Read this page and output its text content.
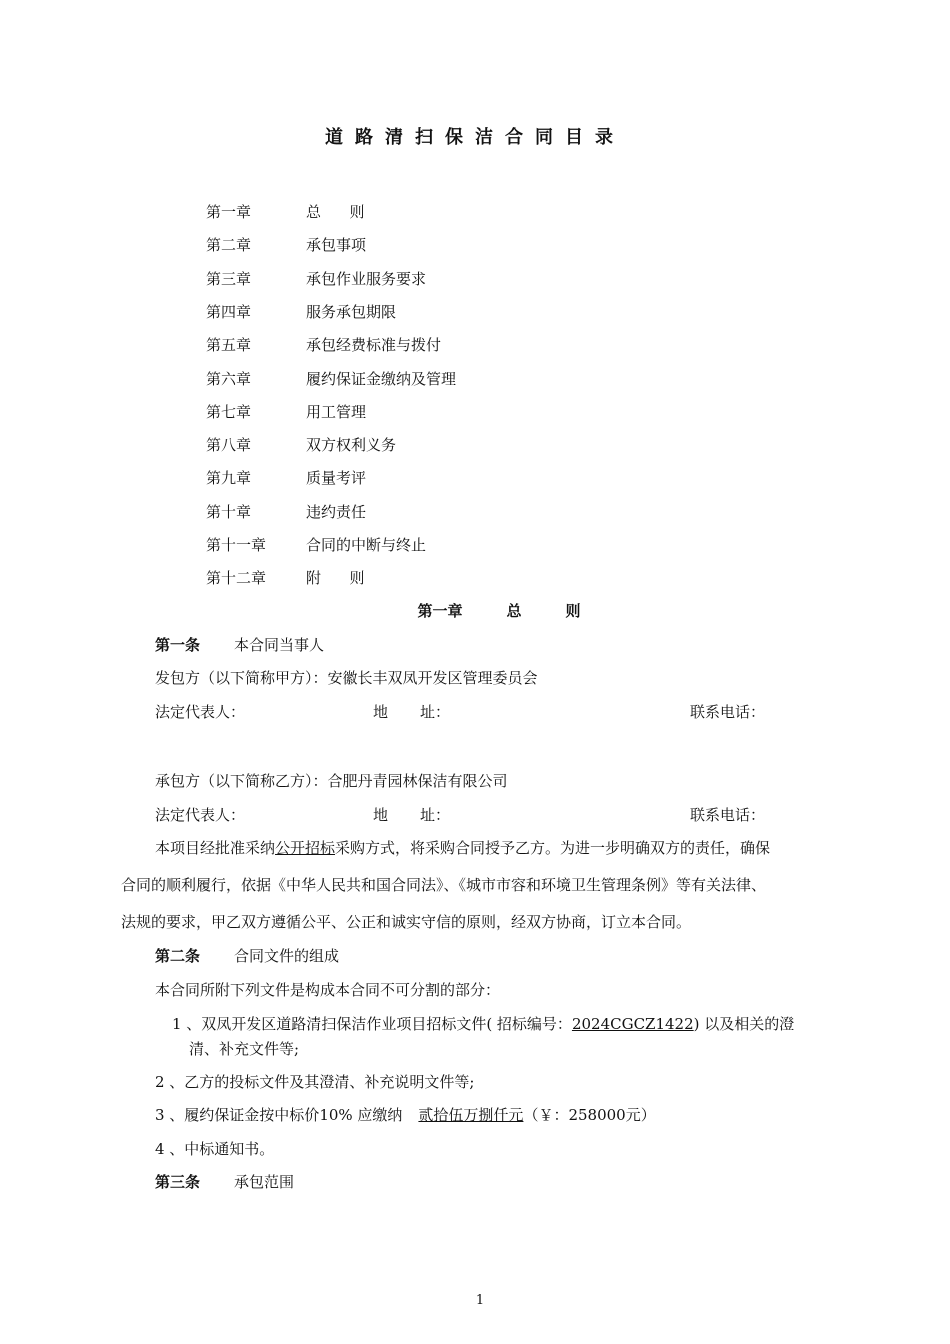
道路清扫保洁合同目录
第一章	总则
第二章	承包事项
第三章	承包作业服务要求
第四章	服务承包期限
第五章	承包经费标准与拨付
第六章	履约保证金缴纳及管理
第七章	用工管理
第八章	双方权利义务
第九章	质量考评
第十章	违约责任
第十一章	合同的中断与终止
第十二章	附则
第一章	总	则
第一条 本合同当事人
发包方（以下简称甲方）：安徽长丰双凤开发区管理委员会
法定代表人：	地 址：	联系电话：
承包方（以下简称乙方）：合肥丹青园林保洁有限公司
法定代表人：	地 址：	联系电话：
本项目经批准采纳公开招标采购方式，将采购合同授予乙方。为进一步明确双方的责任，确保
合同的顺利履行，依据《中华人民共和国合同法》、《城市市容和环境卫生管理条例》等有关法律、
法规的要求，甲乙双方遵循公平、公正和诚实守信的原则，经双方协商，订立本合同。
第二条 合同文件的组成
本合同所附下列文件是构成本合同不可分割的部分：
1 、双凤开发区道路清扫保洁作业项目招标文件( 招标编号：2024CGCZ1422) 以及相关的澄
清、补充文件等;
2 、乙方的投标文件及其澄清、补充说明文件等;
3 、履约保证金按中标价10% 应缴纳 贰拾伍万捌仟元（￥：258000元）
4 、中标通知书。
第三条 承包范围
1
